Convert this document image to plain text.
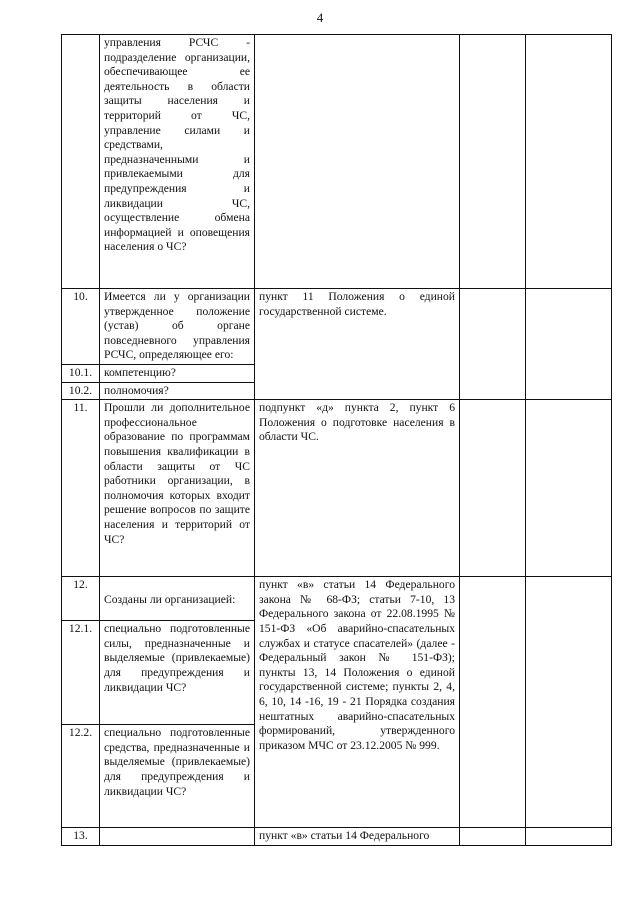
4
	управления РСЧС - подразделение организации, обеспечивающее ее деятельность в области защиты населения и территорий от ЧС, управление силами и средствами, предназначенными и привлекаемыми для предупреждения и ликвидации ЧС, осуществление обмена информацией и оповещения населения о ЧС?			
10.	Имеется ли у организации утвержденное положение (устав) об органе повседневного управления РСЧС, определяющее его:	пункт 11 Положения о единой государственной системе.		
10.1.	компетенцию?			
10.2.	полномочия?			
11.	Прошли ли дополнительное профессиональное образование по программам повышения квалификации в области защиты от ЧС работники организации, в полномочия которых входит решение вопросов по защите населения и территорий от ЧС?	подпункт «д» пункта 2, пункт 6 Положения о подготовке населения в области ЧС.		
12.	Созданы ли организацией:	пункт «в» статьи 14 Федерального закона № 68-ФЗ; статьи 7-10, 13 Федерального закона от 22.08.1995 № 151-ФЗ «Об аварийно-спасательных службах и статусе спасателей» (далее - Федеральный закон № 151-ФЗ); пункты 13, 14 Положения о единой государственной системе; пункты 2, 4, 6, 10, 14 -16, 19 - 21 Порядка создания нештатных аварийно-спасательных формирований, утвержденного приказом МЧС от 23.12.2005 № 999.		
12.1.	специально подготовленные силы, предназначенные и выделяемые (привлекаемые) для предупреждения и ликвидации ЧС?			
12.2.	специально подготовленные средства, предназначенные и выделяемые (привлекаемые) для предупреждения и ликвидации ЧС?			
13.		пункт «в» статьи 14 Федерального		
